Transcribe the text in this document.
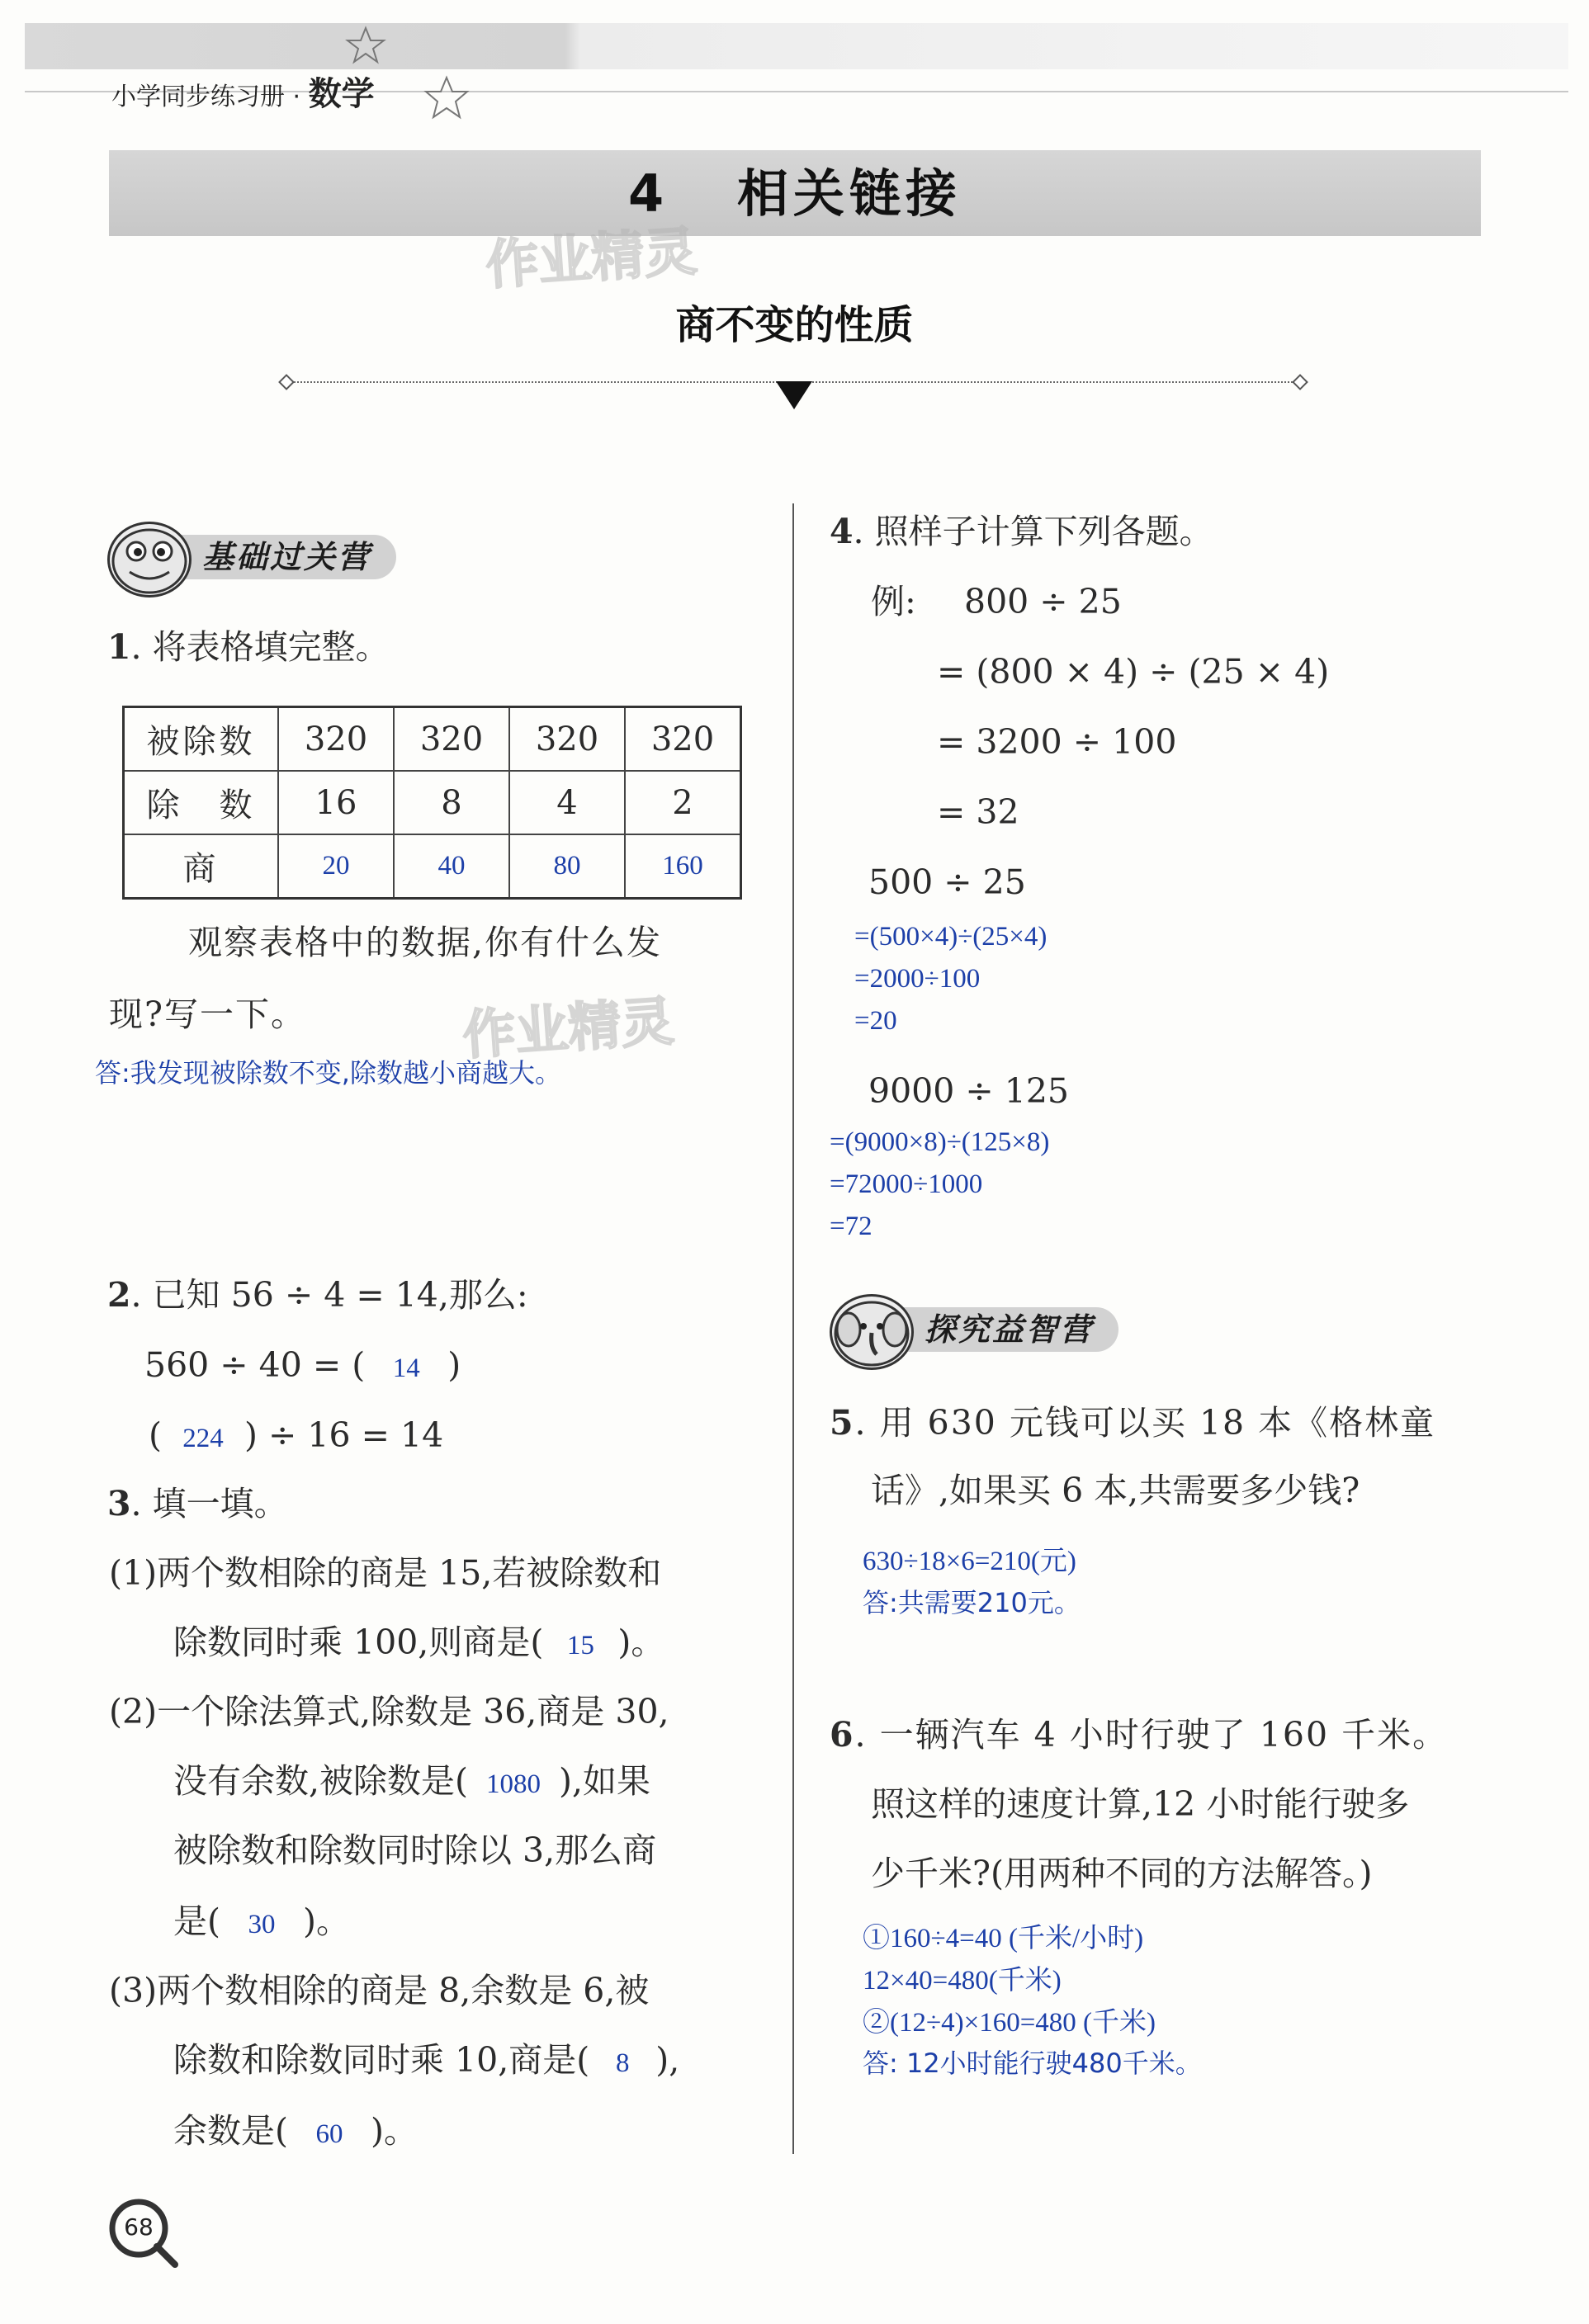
小学同步练习册 · 数学
4 相关链接
作业精灵
作业精灵
商不变的性质
基础过关营
1. 将表格填完整。
被除数	320	320	320	320
除　数	16	8	4	2
商	20	40	80	160
观察表格中的数据,你有什么发
现?写一下。
答:我发现被除数不变,除数越小商越大。
2. 已知 56 ÷ 4 = 14,那么:
560 ÷ 40 = ( 14 )
( 224 ) ÷ 16 = 14
3. 填一填。
(1)两个数相除的商是 15,若被除数和
除数同时乘 100,则商是( 15 )。
(2)一个除法算式,除数是 36,商是 30,
没有余数,被除数是( 1080 ),如果
被除数和除数同时除以 3,那么商
是( 30 )。
(3)两个数相除的商是 8,余数是 6,被
除数和除数同时乘 10,商是( 8 ),
余数是( 60 )。
4. 照样子计算下列各题。
例: 800 ÷ 25
= (800 × 4) ÷ (25 × 4)
= 3200 ÷ 100
= 32
500 ÷ 25
=(500×4)÷(25×4)
=2000÷100
=20
9000 ÷ 125
=(9000×8)÷(125×8)
=72000÷1000
=72
探究益智营
5. 用 630 元钱可以买 18 本《格林童
话》,如果买 6 本,共需要多少钱?
630÷18×6=210(元)
答:共需要210元。
6. 一辆汽车 4 小时行驶了 160 千米。
照这样的速度计算,12 小时能行驶多
少千米?(用两种不同的方法解答。)
①160÷4=40 (千米/小时)
12×40=480(千米)
②(12÷4)×160=480 (千米)
答: 12小时能行驶480千米。
68
